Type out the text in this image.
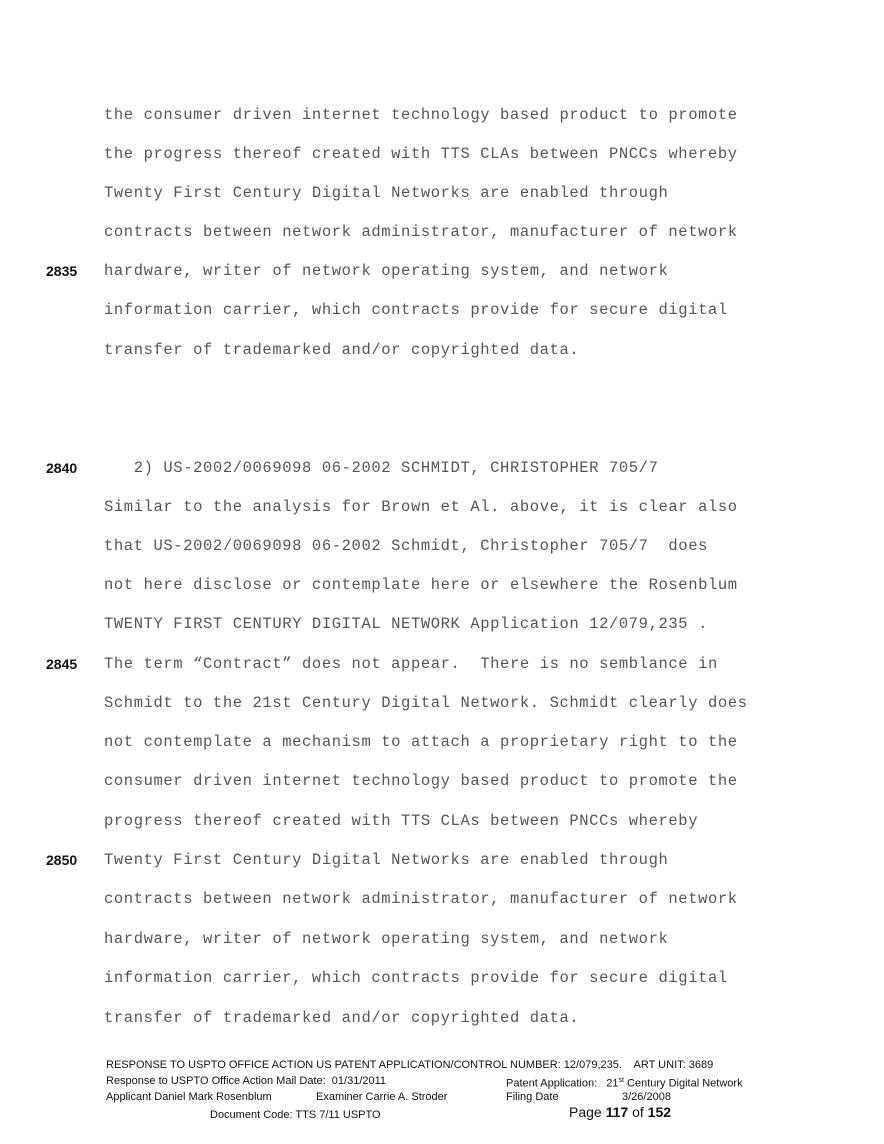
the consumer driven internet technology based product to promote
the progress thereof created with TTS CLAs between PNCCs whereby
Twenty First Century Digital Networks are enabled through
contracts between network administrator, manufacturer of network
hardware, writer of network operating system, and network
information carrier, which contracts provide for secure digital
transfer of trademarked and/or copyrighted data.
2) US-2002/0069098 06-2002 SCHMIDT, CHRISTOPHER 705/7
Similar to the analysis for Brown et Al. above, it is clear also
that US-2002/0069098 06-2002 Schmidt, Christopher 705/7  does
not here disclose or contemplate here or elsewhere the Rosenblum
TWENTY FIRST CENTURY DIGITAL NETWORK Application 12/079,235 .
The term “Contract” does not appear.  There is no semblance in
Schmidt to the 21st Century Digital Network. Schmidt clearly does
not contemplate a mechanism to attach a proprietary right to the
consumer driven internet technology based product to promote the
progress thereof created with TTS CLAs between PNCCs whereby
Twenty First Century Digital Networks are enabled through
contracts between network administrator, manufacturer of network
hardware, writer of network operating system, and network
information carrier, which contracts provide for secure digital
transfer of trademarked and/or copyrighted data.
2835
2840
2845
2850
RESPONSE TO USPTO OFFICE ACTION US PATENT APPLICATION/CONTROL NUMBER: 12/079,235.    ART UNIT: 3689
Response to USPTO Office Action Mail Date:  01/31/2011	Patent Application:   21st Century Digital Network
Applicant Daniel Mark Rosenblum	Examiner Carrie A. Stroder	Filing Date	3/26/2008
Document Code: TTS 7/11 USPTO	Page 117 of 152
